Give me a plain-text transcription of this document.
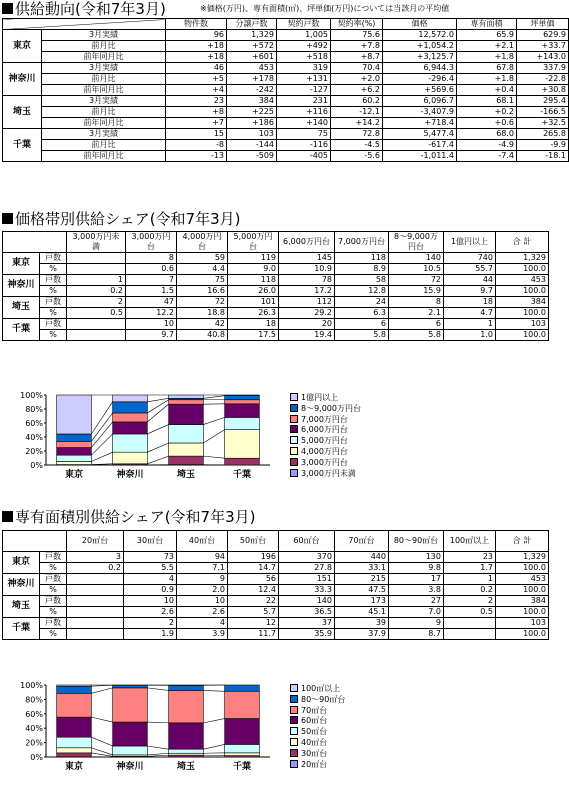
供給動向(令和7年3月)	※価格(万円)、専有面積(㎡)、坪単価(万円)については当該月の平均値
		物件数	分譲戸数	契約戸数	契約率(%)	価格	専有面積	坪単価
東京	3月実績	96	1,329	1,005	75.6	12,572.0	65.9	629.9
	前月比	+18	+572	+492	+7.8	+1,054.2	+2.1	+33.7
	前年同月比	+18	+601	+518	+8.7	+3,125.7	+1.8	+143.0
神奈川	3月実績	46	453	319	70.4	6,944.3	67.8	337.9
	前月比	+5	+178	+131	+2.0	-296.4	+1.8	-22.8
	前年同月比	+4	-242	-127	+6.2	+569.6	+0.4	+30.8
埼玉	3月実績	23	384	231	60.2	6,096.7	68.1	295.4
	前月比	+8	+225	+116	-12.1	-3,407.9	+0.2	-166.5
	前年同月比	+7	+186	+140	+14.2	+718.4	+0.6	+32.5
千葉	3月実績	15	103	75	72.8	5,477.4	68.0	265.8
	前月比	-8	-144	-116	-4.5	-617.4	-4.9	-9.9
	前年同月比	-13	-509	-405	-5.6	-1,011.4	-7.4	-18.1
価格帯別供給シェア(令和7年3月)
		3,000万円未満	3,000万円台	4,000万円台	5,000万円台	6,000万円台	7,000万円台	8～9,000万円台	1億円以上	合 計
東京	戸数		8	59	119	145	118	140	740	1,329
	%		0.6	4.4	9.0	10.9	8.9	10.5	55.7	100.0
神奈川	戸数	1	7	75	118	78	58	72	44	453
	%	0.2	1.5	16.6	26.0	17.2	12.8	15.9	9.7	100.0
埼玉	戸数	2	47	72	101	112	24	8	18	384
	%	0.5	12.2	18.8	26.3	29.2	6.3	2.1	4.7	100.0
千葉	戸数		10	42	18	20	6	6	1	103
	%		9.7	40.8	17.5	19.4	5.8	5.8	1.0	100.0
0%
20%
40%
60%
80%
100%
東京	神奈川	埼玉	千葉
1億円以上
8～9,000万円台
7,000万円台
6,000万円台
5,000万円台
4,000万円台
3,000万円台
3,000万円未満
専有面積別供給シェア(令和7年3月)
		20㎡台	30㎡台	40㎡台	50㎡台	60㎡台	70㎡台	80～90㎡台	100㎡以上	合 計
東京	戸数	3	73	94	196	370	440	130	23	1,329
	%	0.2	5.5	7.1	14.7	27.8	33.1	9.8	1.7	100.0
神奈川	戸数		4	9	56	151	215	17	1	453
	%		0.9	2.0	12.4	33.3	47.5	3.8	0.2	100.0
埼玉	戸数		10	10	22	140	173	27	2	384
	%		2.6	2.6	5.7	36.5	45.1	7.0	0.5	100.0
千葉	戸数		2	4	12	37	39	9		103
	%		1.9	3.9	11.7	35.9	37.9	8.7		100.0
0%
20%
40%
60%
80%
100%
東京	神奈川	埼玉	千葉
100㎡以上
80～90㎡台
70㎡台
60㎡台
50㎡台
40㎡台
30㎡台
20㎡台
